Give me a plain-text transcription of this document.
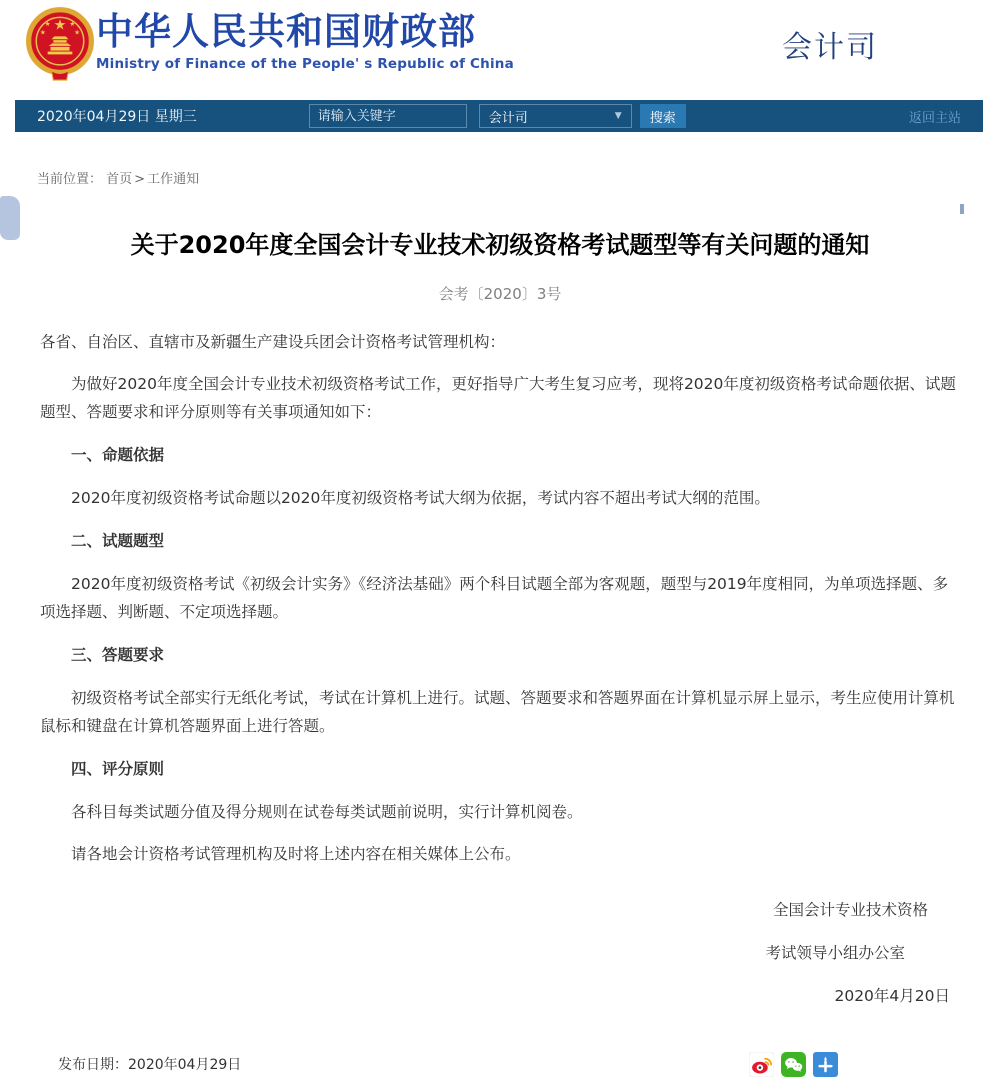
★
★	★
★	★ 中华人民共和国财政部
Ministry of Finance of the People' s Republic of China	会计司
2020年04月29日 星期三
请输入关键字	会计司	▼	搜索	返回主站
当前位置： 首页 > 工作通知
关于2020年度全国会计专业技术初级资格考试题型等有关问题的通知
会考〔2020〕3号

各省、自治区、直辖市及新疆生产建设兵团会计资格考试管理机构：

为做好2020年度全国会计专业技术初级资格考试工作，更好指导广大考生复习应考，现将2020年度初级资格考试命题依据、试题题型、答题要求和评分原则等有关事项通知如下：

一、命题依据

2020年度初级资格考试命题以2020年度初级资格考试大纲为依据，考试内容不超出考试大纲的范围。

二、试题题型

2020年度初级资格考试《初级会计实务》《经济法基础》两个科目试题全部为客观题，题型与2019年度相同，为单项选择题、多项选择题、判断题、不定项选择题。

三、答题要求

初级资格考试全部实行无纸化考试，考试在计算机上进行。试题、答题要求和答题界面在计算机显示屏上显示，考生应使用计算机鼠标和键盘在计算机答题界面上进行答题。

四、评分原则

各科目每类试题分值及得分规则在试卷每类试题前说明，实行计算机阅卷。

请各地会计资格考试管理机构及时将上述内容在相关媒体上公布。

全国会计专业技术资格
考试领导小组办公室
2020年4月20日
发布日期：2020年04月29日
